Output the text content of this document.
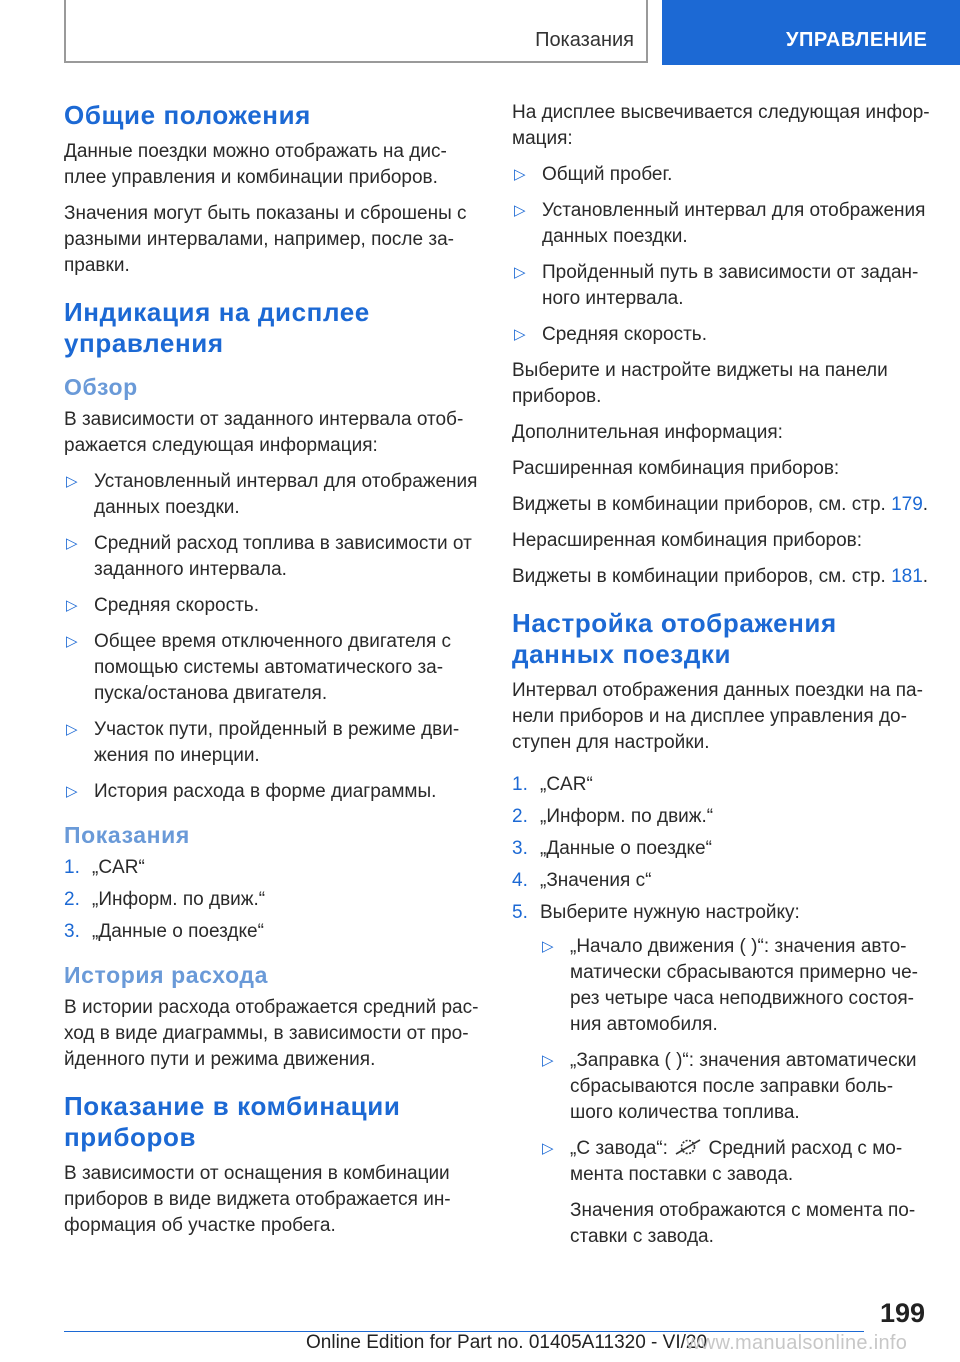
Показания	УПРАВЛЕНИЕ
Общие положения

Данные поездки можно отображать на дис-плее управления и комбинации приборов.

Значения могут быть показаны и сброшены с разными интервалами, например, после за-правки.

Индикация на дисплее управления
Обзор

В зависимости от заданного интервала отоб-ражается следующая информация:

▷ Установленный интервал для отображения данных поездки.
▷ Средний расход топлива в зависимости от заданного интервала.
▷ Средняя скорость.
▷ Общее время отключенного двигателя с помощью системы автоматического за-пуска/останова двигателя.
▷ Участок пути, пройденный в режиме дви-жения по инерции.
▷ История расхода в форме диаграммы.
Показания
1. „CAR“
2. „Информ. по движ.“
3. „Данные о поездке“
История расхода

В истории расхода отображается средний рас-ход в виде диаграммы, в зависимости от про-йденного пути и режима движения.

Показание в комбинации приборов

В зависимости от оснащения в комбинации приборов в виде виджета отображается ин-формация об участке пробега.

На дисплее высвечивается следующая инфор-мация:

▷ Общий пробег.
▷ Установленный интервал для отображения данных поездки.
▷ Пройденный путь в зависимости от задан-ного интервала.
▷ Средняя скорость.

Выберите и настройте виджеты на панели приборов.

Дополнительная информация:

Расширенная комбинация приборов:

Виджеты в комбинации приборов, см. стр. 179.

Нерасширенная комбинация приборов:

Виджеты в комбинации приборов, см. стр. 181.

Настройка отображения данных поездки

Интервал отображения данных поездки на па-нели приборов и на дисплее управления до-ступен для настройки.

1. „CAR“
2. „Информ. по движ.“
3. „Данные о поездке“
4. „Значения с“
5. Выберите нужную настройку:
▷ „Начало движения ( )“: значения авто-матически сбрасываются примерно че-рез четыре часа неподвижного состоя-ния автомобиля.
▷ „Заправка ( )“: значения автоматически сбрасываются после заправки боль-шого количества топлива.
▷ „С завода“: Средний расход с мо-мента поставки с завода.

Значения отображаются с момента по-ставки с завода.

199
Online Edition for Part no. 01405A11320 - VI/20
www.manualsonline.info
